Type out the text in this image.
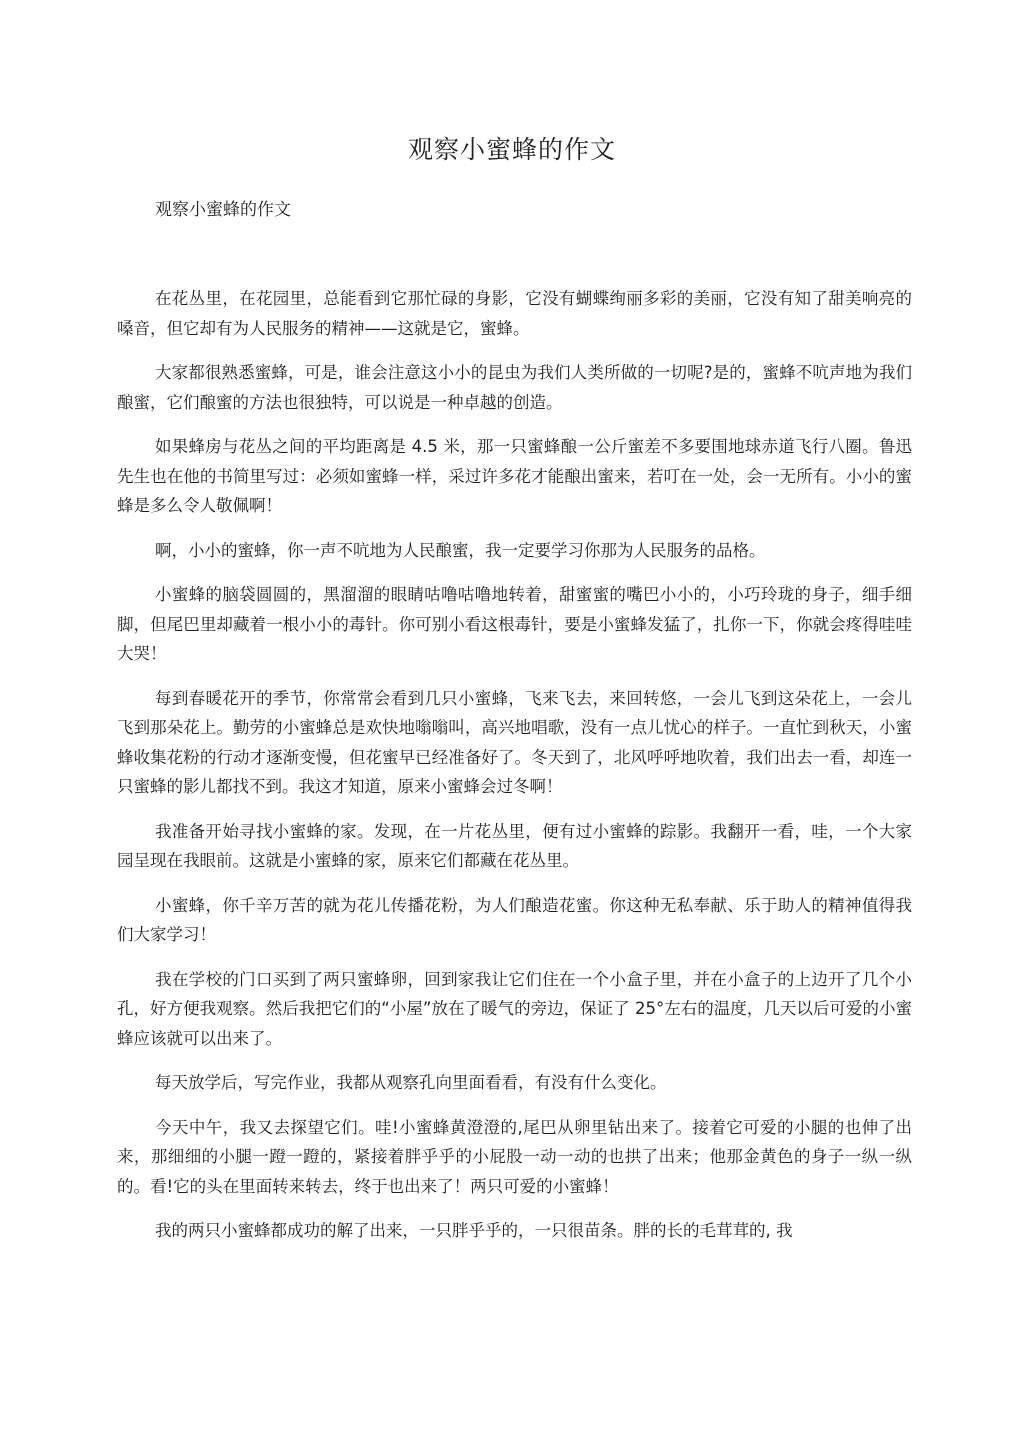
观察小蜜蜂的作文

观察小蜜蜂的作文

在花丛里，在花园里，总能看到它那忙碌的身影，它没有蝴蝶绚丽多彩的美丽，它没有知了甜美响亮的嗓音，但它却有为人民服务的精神——这就是它，蜜蜂。

大家都很熟悉蜜蜂，可是，谁会注意这小小的昆虫为我们人类所做的一切呢?是的，蜜蜂不吭声地为我们酿蜜，它们酿蜜的方法也很独特，可以说是一种卓越的创造。

如果蜂房与花丛之间的平均距离是 4.5 米，那一只蜜蜂酿一公斤蜜差不多要围地球赤道飞行八圈。鲁迅先生也在他的书简里写过：必须如蜜蜂一样，采过许多花才能酿出蜜来，若叮在一处，会一无所有。小小的蜜蜂是多么令人敬佩啊！

啊，小小的蜜蜂，你一声不吭地为人民酿蜜，我一定要学习你那为人民服务的品格。

小蜜蜂的脑袋圆圆的，黑溜溜的眼睛咕噜咕噜地转着，甜蜜蜜的嘴巴小小的，小巧玲珑的身子，细手细脚，但尾巴里却藏着一根小小的毒针。你可别小看这根毒针，要是小蜜蜂发猛了，扎你一下，你就会疼得哇哇大哭！

每到春暖花开的季节，你常常会看到几只小蜜蜂，飞来飞去，来回转悠，一会儿飞到这朵花上，一会儿飞到那朵花上。勤劳的小蜜蜂总是欢快地嗡嗡叫，高兴地唱歌，没有一点儿忧心的样子。一直忙到秋天，小蜜蜂收集花粉的行动才逐渐变慢，但花蜜早已经准备好了。冬天到了，北风呼呼地吹着，我们出去一看，却连一只蜜蜂的影儿都找不到。我这才知道，原来小蜜蜂会过冬啊！

我准备开始寻找小蜜蜂的家。发现，在一片花丛里，便有过小蜜蜂的踪影。我翻开一看，哇，一个大家园呈现在我眼前。这就是小蜜蜂的家，原来它们都藏在花丛里。

小蜜蜂，你千辛万苦的就为花儿传播花粉，为人们酿造花蜜。你这种无私奉献、乐于助人的精神值得我们大家学习！

我在学校的门口买到了两只蜜蜂卵，回到家我让它们住在一个小盒子里，并在小盒子的上边开了几个小孔，好方便我观察。然后我把它们的“小屋”放在了暖气的旁边，保证了 25°左右的温度，几天以后可爱的小蜜蜂应该就可以出来了。

每天放学后，写完作业，我都从观察孔向里面看看，有没有什么变化。

今天中午，我又去探望它们。哇!小蜜蜂黄澄澄的,尾巴从卵里钻出来了。接着它可爱的小腿的也伸了出来，那细细的小腿一蹬一蹬的，紧接着胖乎乎的小屁股一动一动的也拱了出来；他那金黄色的身子一纵一纵的。看!它的头在里面转来转去，终于也出来了！两只可爱的小蜜蜂！

我的两只小蜜蜂都成功的解了出来，一只胖乎乎的，一只很苗条。胖的长的毛茸茸的, 我
